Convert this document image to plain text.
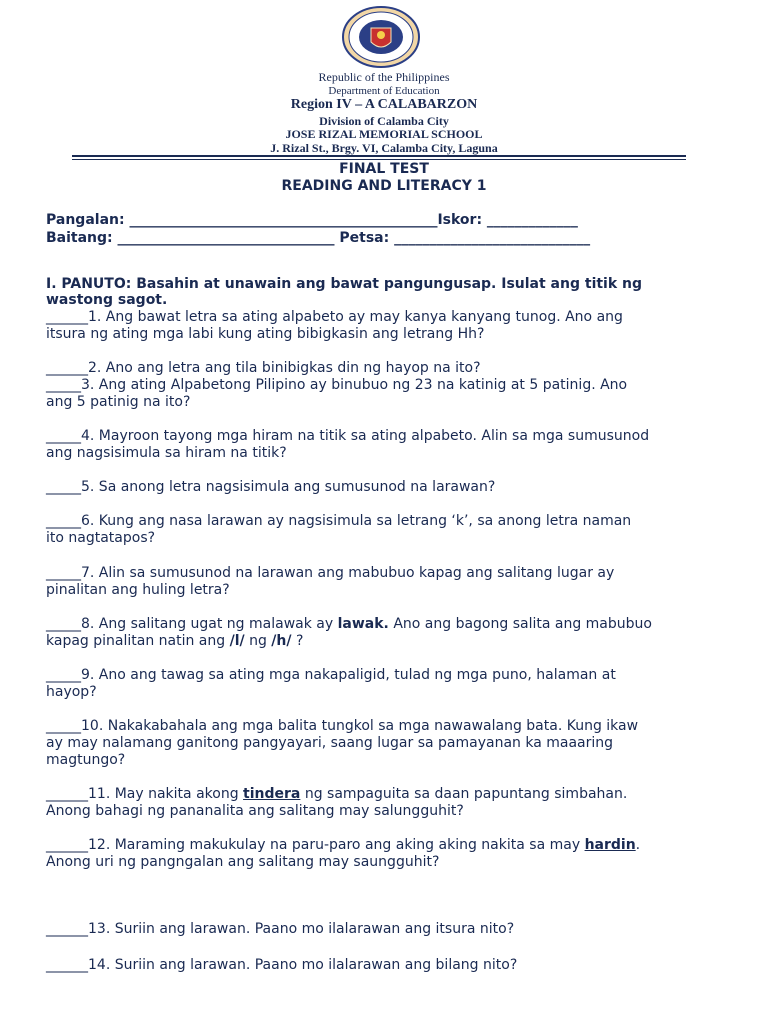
Republic of the Philippines
Department of Education
Region IV – A CALABARZON
Division of Calamba City
JOSE RIZAL MEMORIAL SCHOOL
J. Rizal St., Brgy. VI, Calamba City, Laguna
FINAL TEST
READING AND LITERACY 1
Pangalan: ____________________________________________Iskor: _____________
Baitang: _______________________________ Petsa: ____________________________
I. PANUTO: Basahin at unawain ang bawat pangungusap. Isulat ang titik ng
wastong sagot.
______1. Ang bawat letra sa ating alpabeto ay may kanya kanyang tunog. Ano ang
itsura ng ating mga labi kung ating bibigkasin ang letrang Hh?
______2. Ano ang letra ang tila binibigkas din ng hayop na ito?
_____3. Ang ating Alpabetong Pilipino ay binubuo ng 23 na katinig at 5 patinig. Ano
ang 5 patinig na ito?
_____4. Mayroon tayong mga hiram na titik sa ating alpabeto. Alin sa mga sumusunod
ang nagsisimula sa hiram na titik?
_____5. Sa anong letra nagsisimula ang sumusunod na larawan?
_____6. Kung ang nasa larawan ay nagsisimula sa letrang ‘k’, sa anong letra naman
ito nagtatapos?
_____7. Alin sa sumusunod na larawan ang mabubuo kapag ang salitang lugar ay
pinalitan ang huling letra?
_____8. Ang salitang ugat ng malawak ay lawak. Ano ang bagong salita ang mabubuo
kapag pinalitan natin ang /l/ ng /h/ ?
_____9. Ano ang tawag sa ating mga nakapaligid, tulad ng mga puno, halaman at
hayop?
_____10. Nakakabahala ang mga balita tungkol sa mga nawawalang bata. Kung ikaw
ay may nalamang ganitong pangyayari, saang lugar sa pamayanan ka maaaring
magtungo?
______11. May nakita akong tindera ng sampaguita sa daan papuntang simbahan.
Anong bahagi ng pananalita ang salitang may salungguhit?
______12. Maraming makukulay na paru-paro ang aking aking nakita sa may hardin.
Anong uri ng pangngalan ang salitang may saungguhit?
______13. Suriin ang larawan. Paano mo ilalarawan ang itsura nito?
______14. Suriin ang larawan. Paano mo ilalarawan ang bilang nito?
